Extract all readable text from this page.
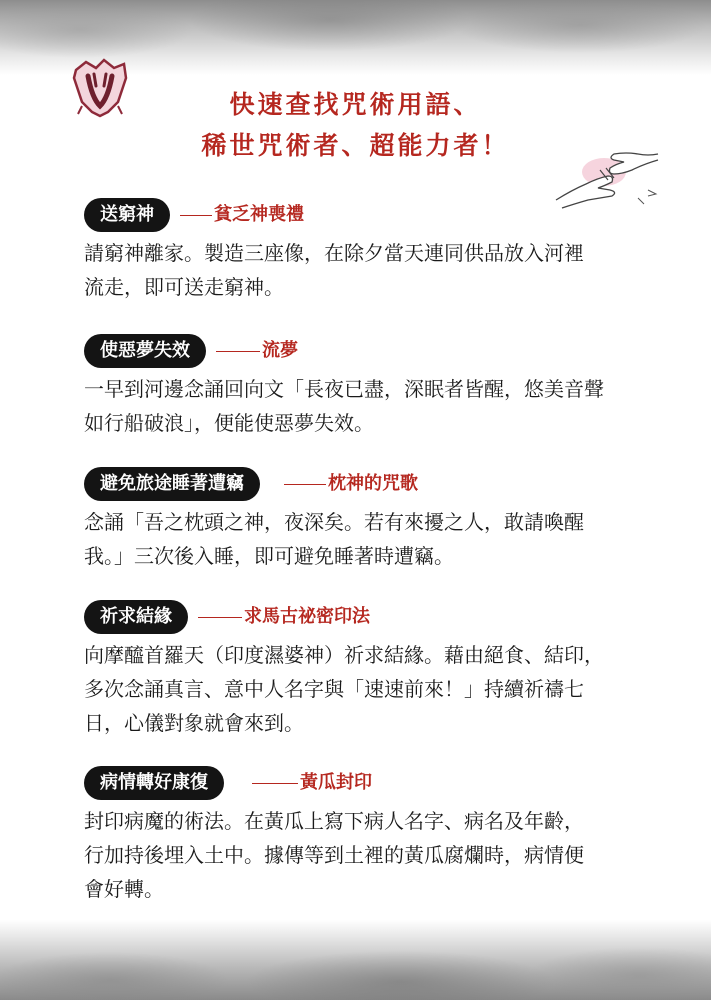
快速查找咒術用語、
稀世咒術者、超能力者！
送窮神	貧乏神喪禮
請窮神離家。製造三座像，在除夕當天連同供品放入河裡
流走，即可送走窮神。
使惡夢失效	流夢
一早到河邊念誦回向文「長夜已盡，深眠者皆醒，悠美音聲
如行船破浪」，便能使惡夢失效。
避免旅途睡著遭竊	枕神的咒歌
念誦「吾之枕頭之神，夜深矣。若有來擾之人，敢請喚醒
我。」三次後入睡，即可避免睡著時遭竊。
祈求結緣	求馬古祕密印法
向摩醯首羅天（印度濕婆神）祈求結緣。藉由絕食、結印，
多次念誦真言、意中人名字與「速速前來！」持續祈禱七
日，心儀對象就會來到。
病情轉好康復	黃瓜封印
封印病魔的術法。在黃瓜上寫下病人名字、病名及年齡，
行加持後埋入土中。據傳等到土裡的黃瓜腐爛時，病情便
會好轉。
